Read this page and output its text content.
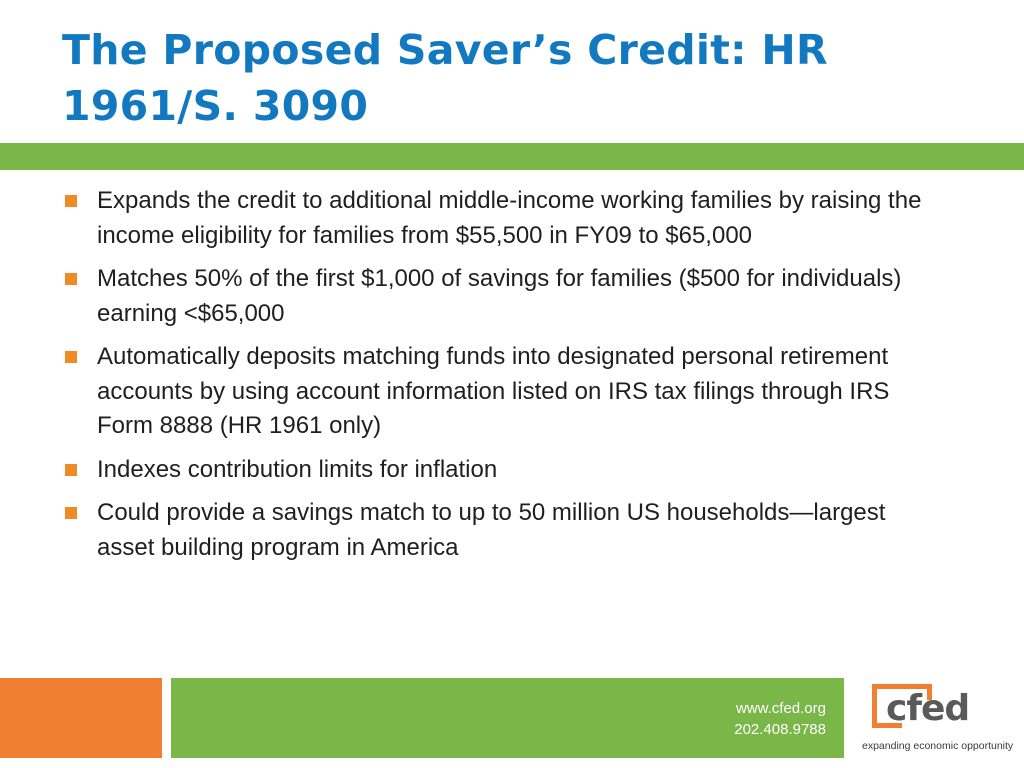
The Proposed Saver’s Credit: HR 1961/S. 3090
Expands the credit to additional middle-income working families by raising the income eligibility for families from $55,500 in FY09 to $65,000
Matches 50% of the first $1,000 of savings for families ($500 for individuals) earning <$65,000
Automatically deposits matching funds into designated personal retirement accounts by using account information listed on IRS tax filings through IRS Form 8888 (HR 1961 only)
Indexes contribution limits for inflation
Could provide a savings match to up to 50 million US households—largest asset building program in America
www.cfed.org
202.408.9788
cfed
expanding economic opportunity
